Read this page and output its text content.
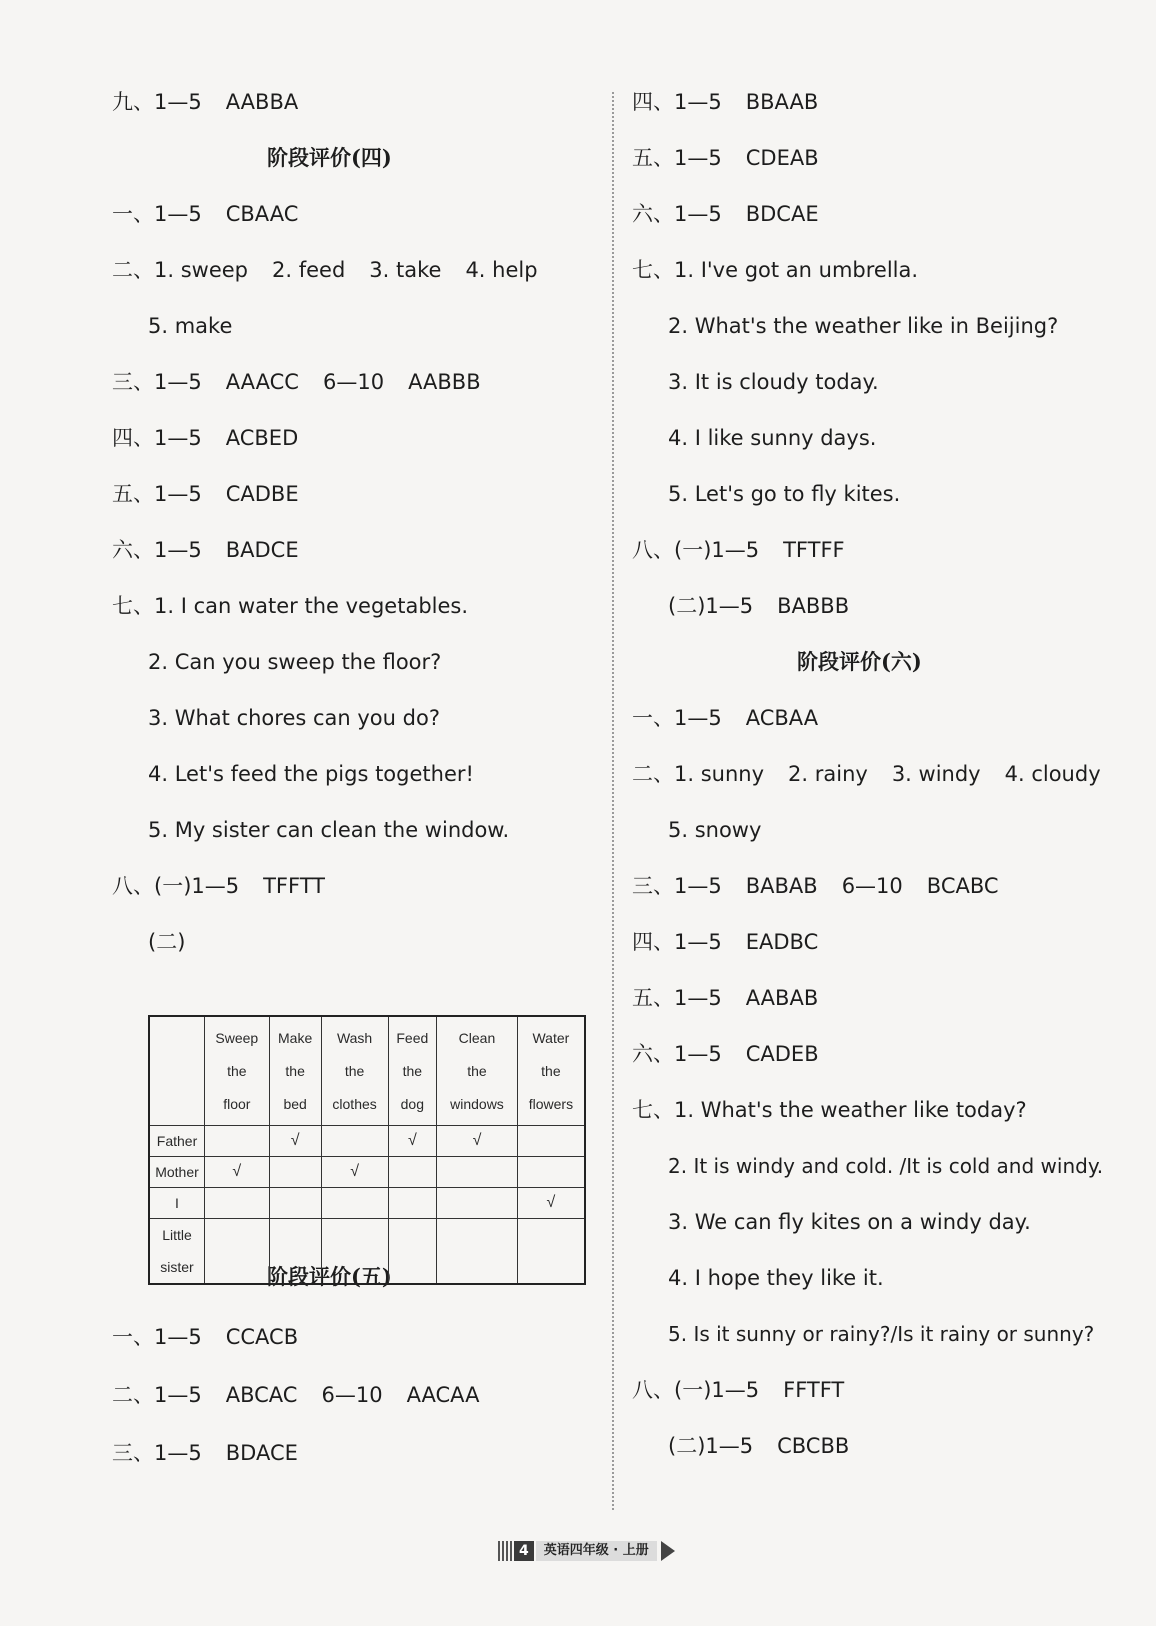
九、1—5 AABBA
阶段评价(四)
一、1—5 CBAAC
二、1. sweep 2. feed 3. take 4. help
5. make
三、1—5 AAACC 6—10 AABBB
四、1—5 ACBED
五、1—5 CADBE
六、1—5 BADCE
七、1. I can water the vegetables.
2. Can you sweep the floor?
3. What chores can you do?
4. Let's feed the pigs together!
5. My sister can clean the window.
八、(一)1—5 TFFTT
(二)
阶段评价(五)
一、1—5 CCACB
二、1—5 ABCAC 6—10 AACAA
三、1—5 BDACE
	Sweep
the
floor	Make
the
bed	Wash
the
clothes	Feed
the
dog	Clean
the
windows	Water
the
flowers
Father		√		√	√	
Mother	√		√			
I						√
Little
sister						
四、1—5 BBAAB
五、1—5 CDEAB
六、1—5 BDCAE
七、1. I've got an umbrella.
2. What's the weather like in Beijing?
3. It is cloudy today.
4. I like sunny days.
5. Let's go to fly kites.
八、(一)1—5 TFTFF
(二)1—5 BABBB
阶段评价(六)
一、1—5 ACBAA
二、1. sunny 2. rainy 3. windy 4. cloudy
5. snowy
三、1—5 BABAB 6—10 BCABC
四、1—5 EADBC
五、1—5 AABAB
六、1—5 CADEB
七、1. What's the weather like today?
2. It is windy and cold. /It is cold and windy.
3. We can fly kites on a windy day.
4. I hope they like it.
5. Is it sunny or rainy?/Is it rainy or sunny?
八、(一)1—5 FFTFT
(二)1—5 CBCBB
4	英语四年级 · 上册
